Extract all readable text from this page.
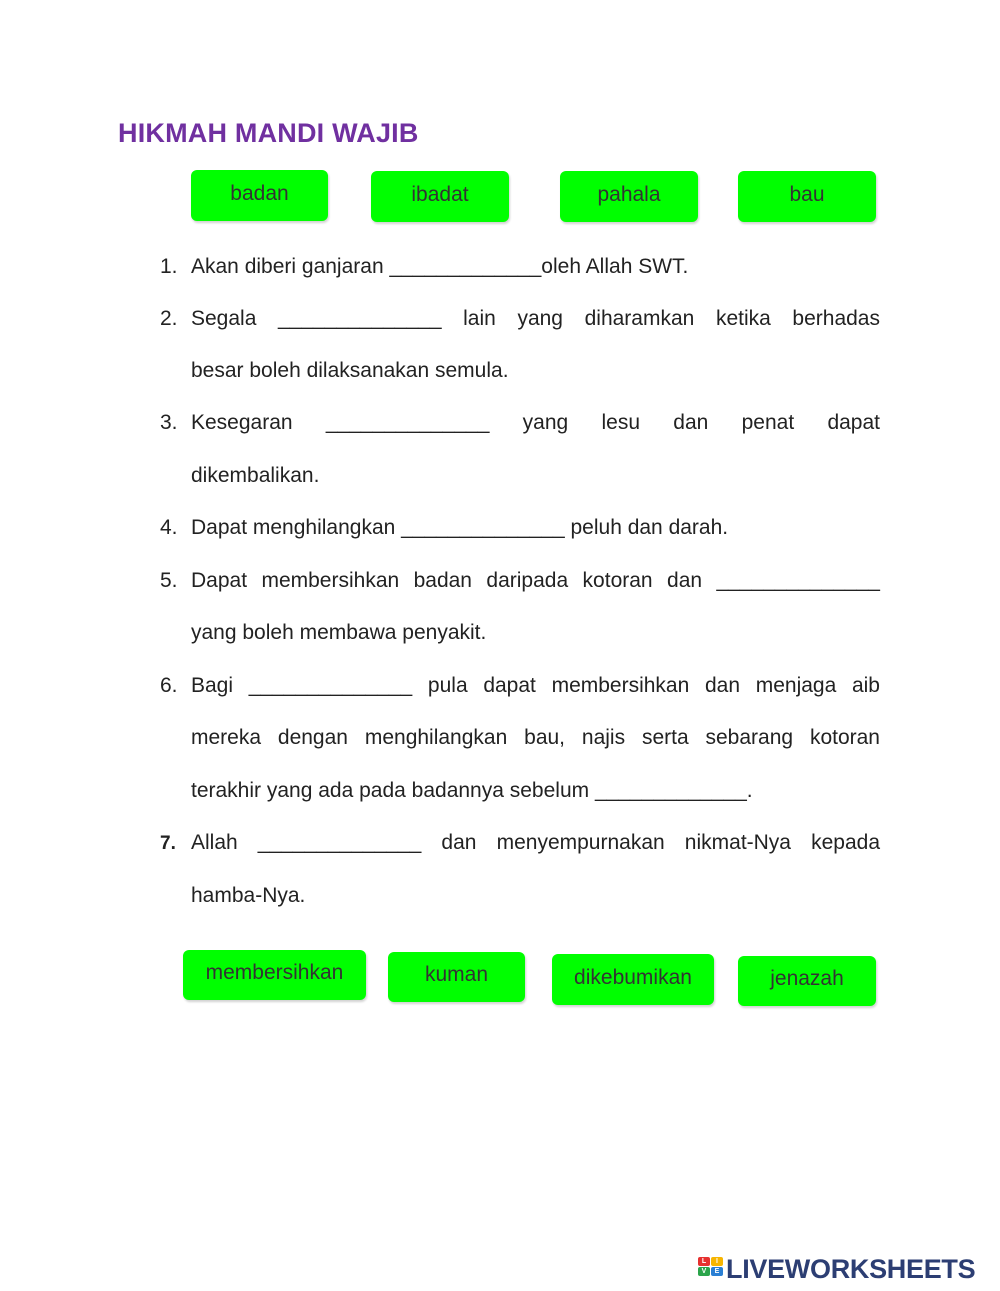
HIKMAH MANDI WAJIB
badan	ibadat	pahala	bau
1. Akan diberi ganjaran _____________oleh Allah SWT.
2. Segala ______________ lain yang diharamkan ketika berhadas
besar boleh dilaksanakan semula.
3. Kesegaran ______________ yang lesu dan penat dapat
dikembalikan.
4. Dapat menghilangkan ______________ peluh dan darah.
5. Dapat membersihkan badan daripada kotoran dan ______________
yang boleh membawa penyakit.
6. Bagi ______________ pula dapat membersihkan dan menjaga aib
mereka dengan menghilangkan bau, najis serta sebarang kotoran
terakhir yang ada pada badannya sebelum _____________.
7. Allah ______________ dan menyempurnakan nikmat-Nya kepada
hamba-Nya.
membersihkan	kuman	dikebumikan	jenazah
L	I
V	E LIVEWORKSHEETS
